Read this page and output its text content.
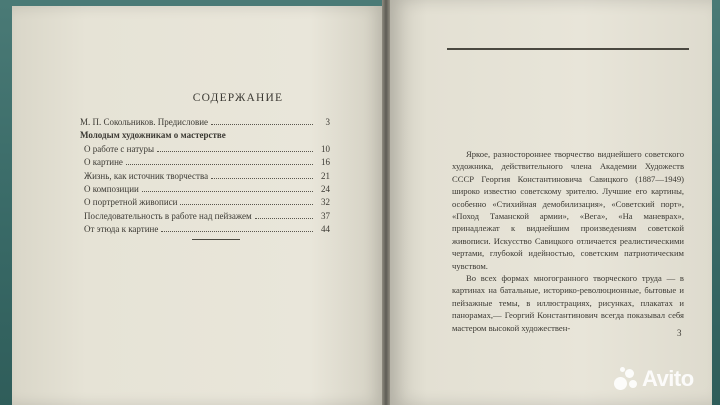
СОДЕРЖАНИЕ
М. П. Сокольников. Предисловие	3
Молодым художникам о мастерстве
О работе с натуры	10
О картине	16
Жизнь, как источник творчества	21
О композиции	24
О портретной живописи	32
Последовательность в работе над пейзажем	37
От этюда к картине	44

Яркое, разностороннее творчество виднейшего советского художника, действительного члена Академии Художеств СССР Георгия Константиновича Савицкого (1887—1949) широко известно советскому зрителю. Лучшие его картины, особенно «Стихийная демобилизация», «Советский порт», «Поход Таманской армии», «Вега», «На маневрах», принадлежат к виднейшим произведениям советской живописи. Искусство Савицкого отличается реалистическими чертами, глубокой идейностью, советским патриотическим чувством.

Во всех формах многогранного творческого труда — в картинах на батальные, историко-революционные, бытовые и пейзажные темы, в иллюстрациях, рисунках, плакатах и панорамах,— Георгий Константинович всегда показывал себя мастером высокой художествен-

3
Avito
